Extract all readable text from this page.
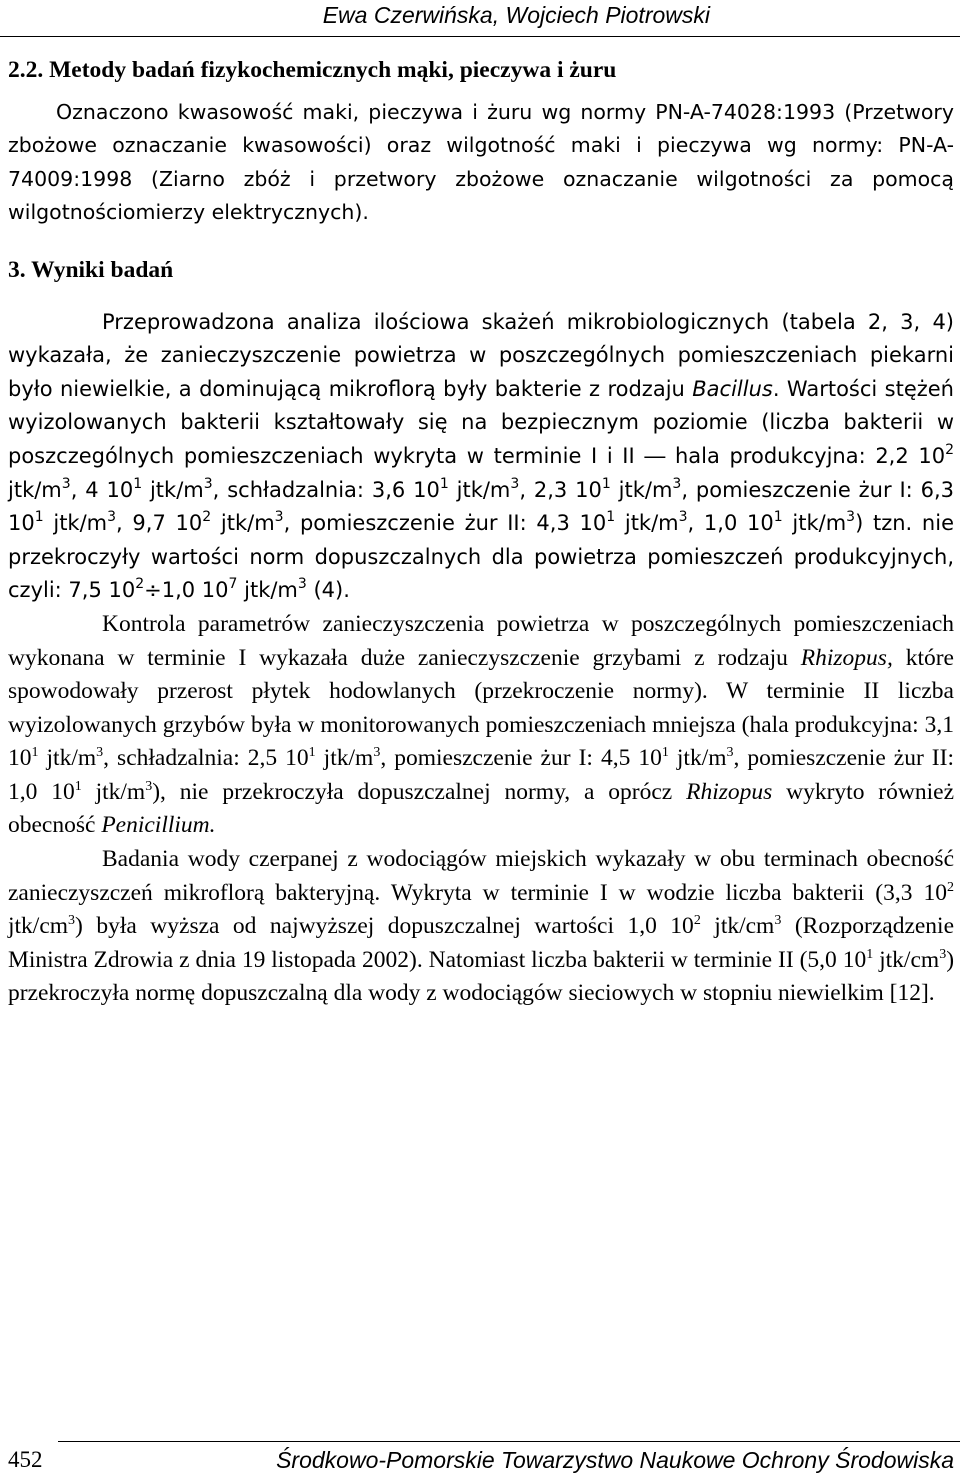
Ewa Czerwińska, Wojciech Piotrowski
2.2. Metody badań fizykochemicznych mąki, pieczywa i żuru

Oznaczono kwasowość maki, pieczywa i żuru wg normy PN-A-74028:1993 (Przetwory zbożowe oznaczanie kwasowości) oraz wilgotność maki i pieczywa wg normy: PN-A-74009:1998 (Ziarno zbóż i przetwory zbożowe oznaczanie wilgotności za pomocą wilgotnościomierzy elektrycznych).

3. Wyniki badań

Przeprowadzona analiza ilościowa skażeń mikrobiologicznych (tabela 2, 3, 4) wykazała, że zanieczyszczenie powietrza w poszczególnych pomieszczeniach piekarni było niewielkie, a dominującą mikroflorą były bakterie z rodzaju Bacillus. Wartości stężeń wyizolowanych bakterii kształtowały się na bezpiecznym poziomie (liczba bakterii w poszczególnych pomieszczeniach wykryta w terminie I i II ― hala produkcyjna: 2,2 $10^2$ jtk/$m^3$, 4 $10^1$ jtk/$m^3$, schładzalnia: 3,6 $10^1$ jtk/$m^3$, 2,3 $10^1$ jtk/$m^3$, pomieszczenie żur I: 6,3 $10^1$ jtk/$m^3$, 9,7 $10^2$ jtk/$m^3$, pomieszczenie żur II: 4,3 $10^1$ jtk/$m^3$, 1,0 $10^1$ jtk/$m^3$) tzn. nie przekroczyły wartości norm dopuszczalnych dla powietrza pomieszczeń produkcyjnych, czyli: 7,5 $10^2\div 1,0$ $10^7$ jtk/$m^3$ (4).

Kontrola parametrów zanieczyszczenia powietrza w poszczególnych pomieszczeniach wykonana w terminie I wykazała duże zanieczyszczenie grzybami z rodzaju Rhizopus, które spowodowały przerost płytek hodowlanych (przekroczenie normy). W terminie II liczba wyizolowanych grzybów była w monitorowanych pomieszczeniach mniejsza (hala produkcyjna: 3,1 $10^1$ jtk/$m^3$, schładzalnia: 2,5 $10^1$ jtk/$m^3$, pomieszczenie żur I: 4,5 $10^1$ jtk/$m^3$, pomieszczenie żur II: 1,0 $10^1$ jtk/$m^3$), nie przekroczyła dopuszczalnej normy, a oprócz Rhizopus wykryto również obecność Penicillium.

Badania wody czerpanej z wodociągów miejskich wykazały w obu terminach obecność zanieczyszczeń mikroflorą bakteryjną. Wykryta w terminie I w wodzie liczba bakterii (3,3 $10^2$ jtk/$cm^3$) była wyższa od najwyższej dopuszczalnej wartości 1,0 $10^2$ jtk/$cm^3$ (Rozporządzenie Ministra Zdrowia z dnia 19 listopada 2002). Natomiast liczba bakterii w terminie II (5,0 $10^1$ jtk/$cm^3$) przekroczyła normę dopuszczalną dla wody z wodociągów sieciowych w stopniu niewielkim [12].

452	Środkowo-Pomorskie Towarzystwo Naukowe Ochrony Środowiska
